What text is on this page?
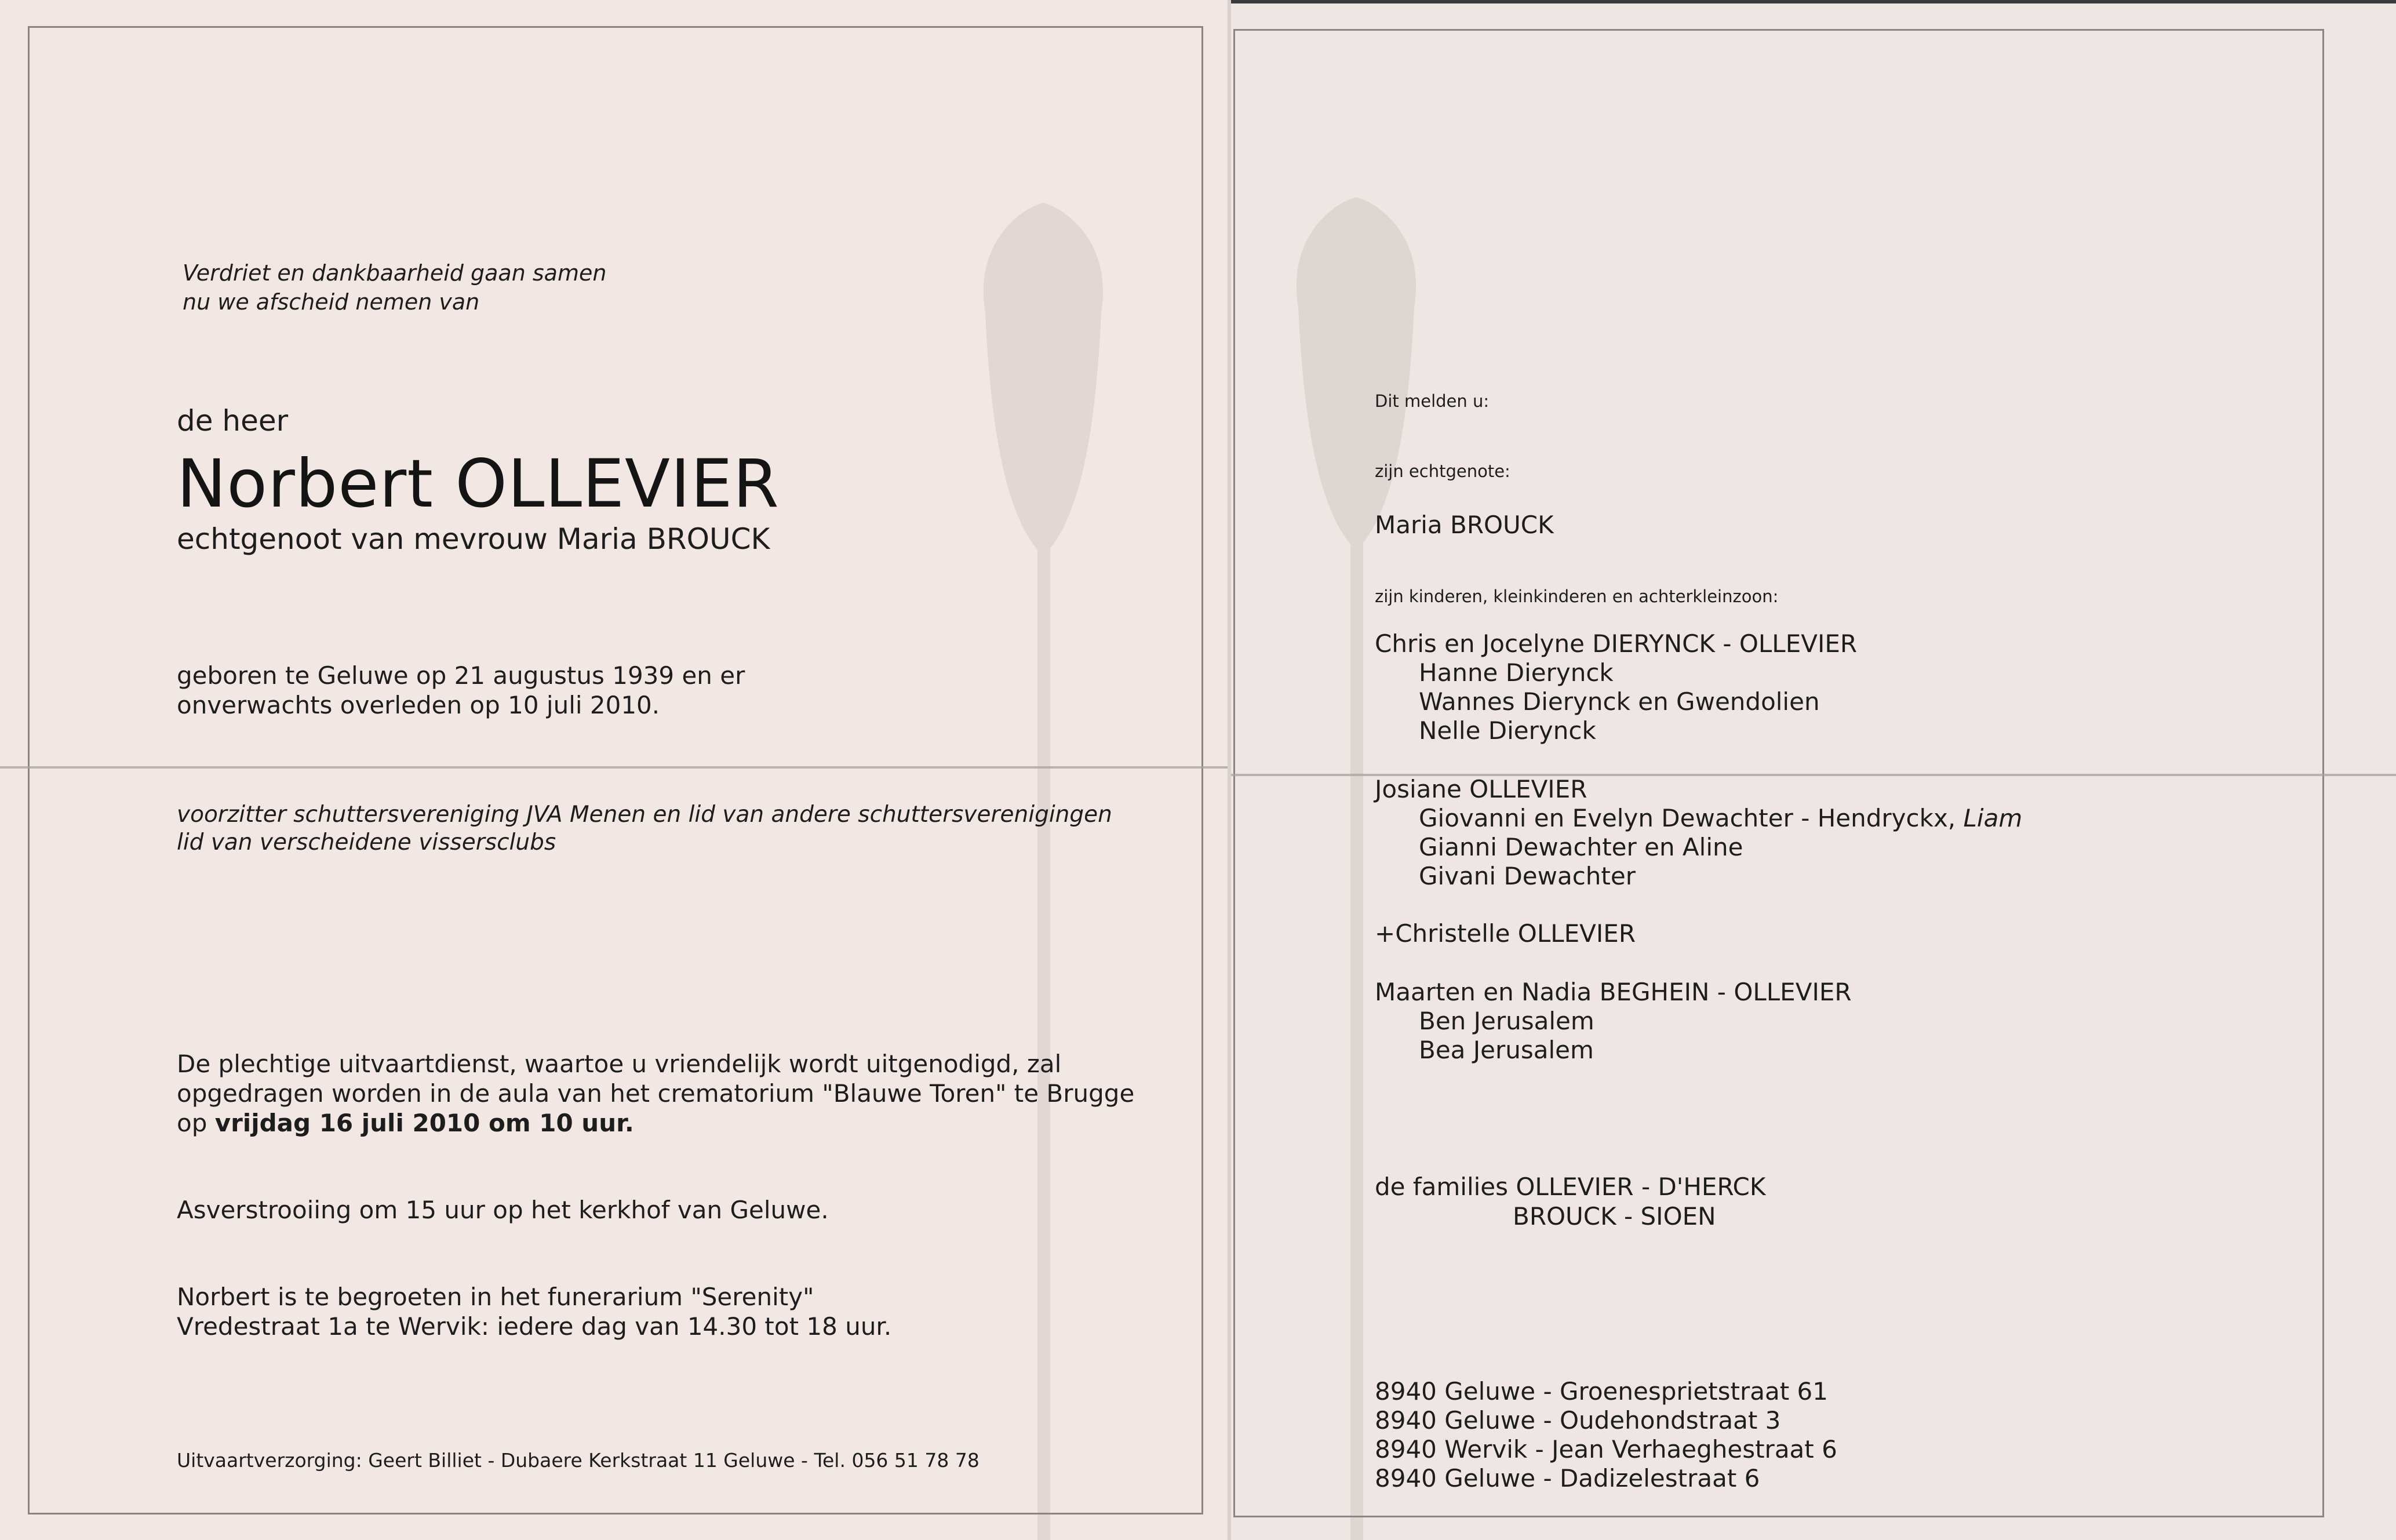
Verdriet en dankbaarheid gaan samen
nu we afscheid nemen van
de heer
Norbert OLLEVIER
echtgenoot van mevrouw Maria BROUCK
geboren te Geluwe op 21 augustus 1939 en er
onverwachts overleden op 10 juli 2010.
voorzitter schuttersvereniging JVA Menen en lid van andere schuttersverenigingen
lid van verscheidene vissersclubs
De plechtige uitvaartdienst, waartoe u vriendelijk wordt uitgenodigd, zal
opgedragen worden in de aula van het crematorium "Blauwe Toren" te Brugge
op vrijdag 16 juli 2010 om 10 uur.
Asverstrooiing om 15 uur op het kerkhof van Geluwe.
Norbert is te begroeten in het funerarium "Serenity"
Vredestraat 1a te Wervik: iedere dag van 14.30 tot 18 uur.
Uitvaartverzorging: Geert Billiet - Dubaere Kerkstraat 11 Geluwe - Tel. 056 51 78 78
Dit melden u:
zijn echtgenote:
Maria BROUCK
zijn kinderen, kleinkinderen en achterkleinzoon:
Chris en Jocelyne DIERYNCK - OLLEVIER
Hanne Dierynck
Wannes Dierynck en Gwendolien
Nelle Dierynck
Josiane OLLEVIER
Giovanni en Evelyn Dewachter - Hendryckx, Liam
Gianni Dewachter en Aline
Givani Dewachter
+Christelle OLLEVIER
Maarten en Nadia BEGHEIN - OLLEVIER
Ben Jerusalem
Bea Jerusalem
de families OLLEVIER - D'HERCK
BROUCK - SIOEN
8940 Geluwe - Groenesprietstraat 61
8940 Geluwe - Oudehondstraat 3
8940 Wervik - Jean Verhaeghestraat 6
8940 Geluwe - Dadizelestraat 6
